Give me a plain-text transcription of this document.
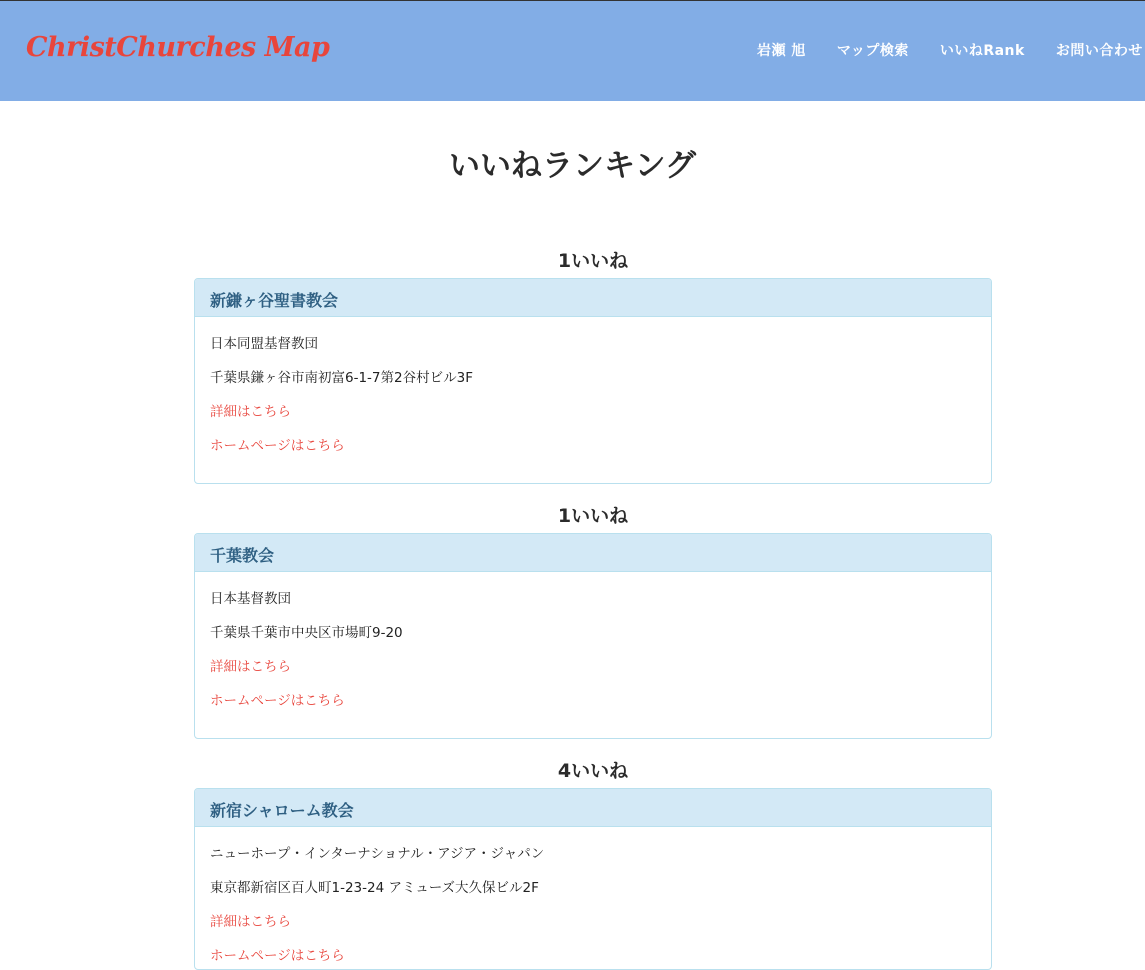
ChristChurches Map	岩瀬 旭 マップ検索 いいねRank お問い合わせ
いいねランキング
1いいね
新鎌ヶ谷聖書教会
日本同盟基督教団
千葉県鎌ヶ谷市南初富6-1-7第2谷村ビル3F
詳細はこちら
ホームページはこちら
1いいね
千葉教会
日本基督教団
千葉県千葉市中央区市場町9-20
詳細はこちら
ホームページはこちら
4いいね
新宿シャローム教会
ニューホープ・インターナショナル・アジア・ジャパン
東京都新宿区百人町1-23-24 アミューズ大久保ビル2F
詳細はこちら
ホームページはこちら
